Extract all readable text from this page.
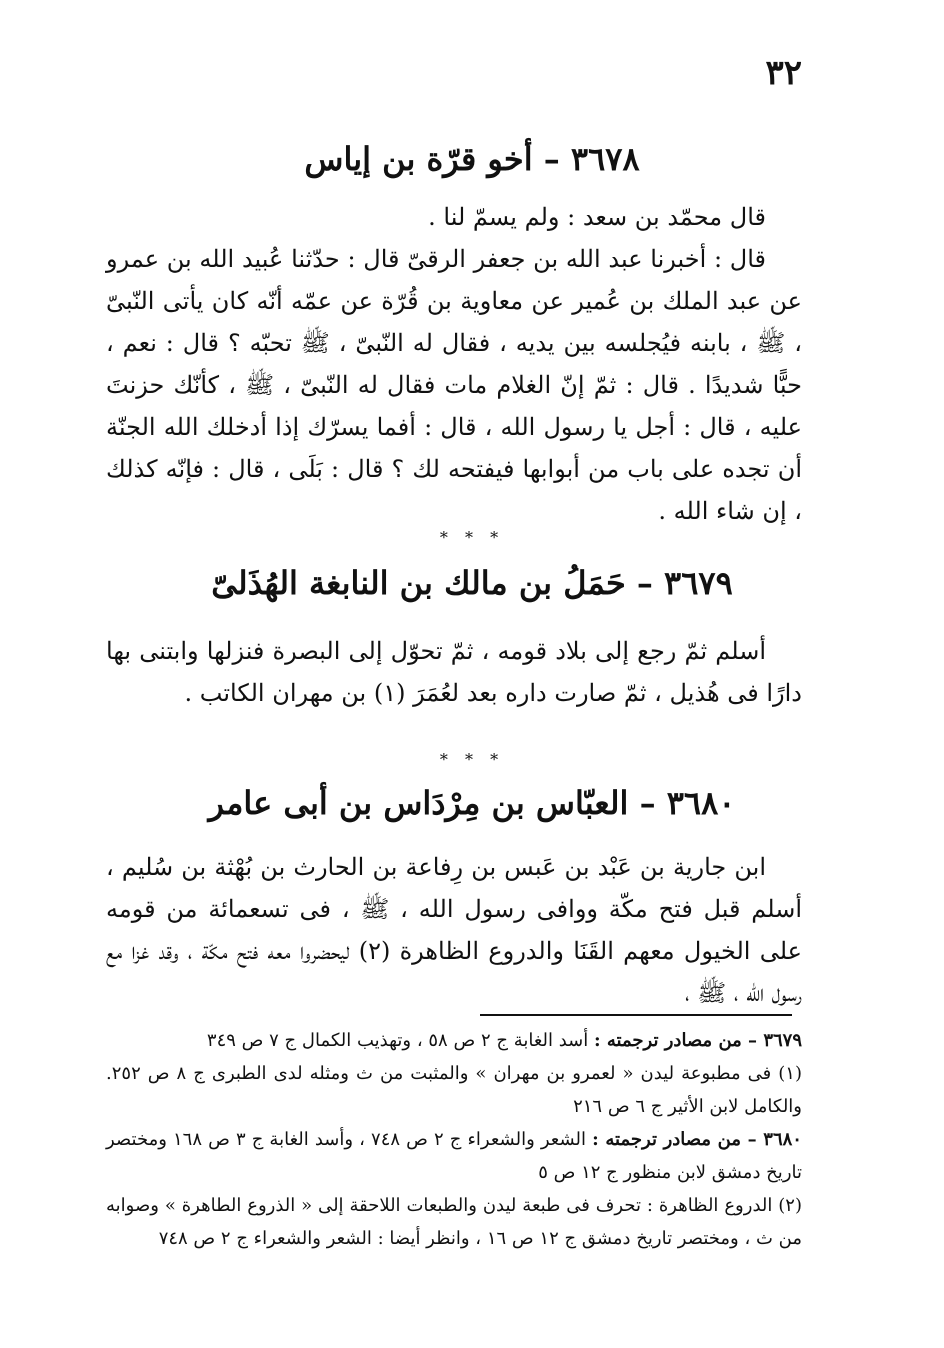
٣٢
٣٦٧٨ – أخو قرّة بن إياس

قال محمّد بن سعد : ولم يسمّ لنا .

قال : أخبرنا عبد الله بن جعفر الرقىّ قال : حدّثنا عُبيد الله بن عمرو عن عبد الملك بن عُمير عن معاوية بن قُرّة عن عمّه أنّه كان يأتى النّبىّ ، ﷺ ، بابنه فيُجلسه بين يديه ، فقال له النّبىّ ، ﷺ تحبّه ؟ قال : نعم ، حبًّا شديدًا . قال : ثمّ إنّ الغلام مات فقال له النّبىّ ، ﷺ ، كأنّك حزنتَ عليه ، قال : أجل يا رسول الله ، قال : أفما يسرّك إذا أدخلك الله الجنّة أن تجده على باب من أبوابها فيفتحه لك ؟ قال : بَلَى ، قال : فإنّه كذلك ، إن شاء الله .

* * *
٣٦٧٩ – حَمَلُ بن مالك بن النابغة الهُذَلىّ

أسلم ثمّ رجع إلى بلاد قومه ، ثمّ تحوّل إلى البصرة فنزلها وابتنى بها دارًا فى هُذيل ، ثمّ صارت داره بعد لعُمَرَ (١) بن مهران الكاتب .

* * *
٣٦٨٠ – العبّاس بن مِرْدَاس بن أبى عامر

ابن جارية بن عَبْد بن عَبس بن رِفاعة بن الحارث بن بُهْثة بن سُليم ، أسلم قبل فتح مكّة ووافى رسول الله ، ﷺ ، فى تسعمائة من قومه على الخيول معهم القَنَا والدروع الظاهرة (٢) ليحضروا معه فتح مكّة ، وقد غزا مع رسول الله ، ﷺ ،

٣٦٧٩ – من مصادر ترجمته : أسد الغابة ج ٢ ص ٥٨ ، وتهذيب الكمال ج ٧ ص ٣٤٩

(١) فى مطبوعة ليدن « لعمرو بن مهران » والمثبت من ث ومثله لدى الطبرى ج ٨ ص ٢٥٢. والكامل لابن الأثير ج ٦ ص ٢١٦

٣٦٨٠ – من مصادر ترجمته : الشعر والشعراء ج ٢ ص ٧٤٨ ، وأسد الغابة ج ٣ ص ١٦٨ ومختصر تاريخ دمشق لابن منظور ج ١٢ ص ٥

(٢) الدروع الظاهرة : تحرف فى طبعة ليدن والطبعات اللاحقة إلى « الذروع الطاهرة » وصوابه من ث ، ومختصر تاريخ دمشق ج ١٢ ص ١٦ ، وانظر أيضا : الشعر والشعراء ج ٢ ص ٧٤٨
